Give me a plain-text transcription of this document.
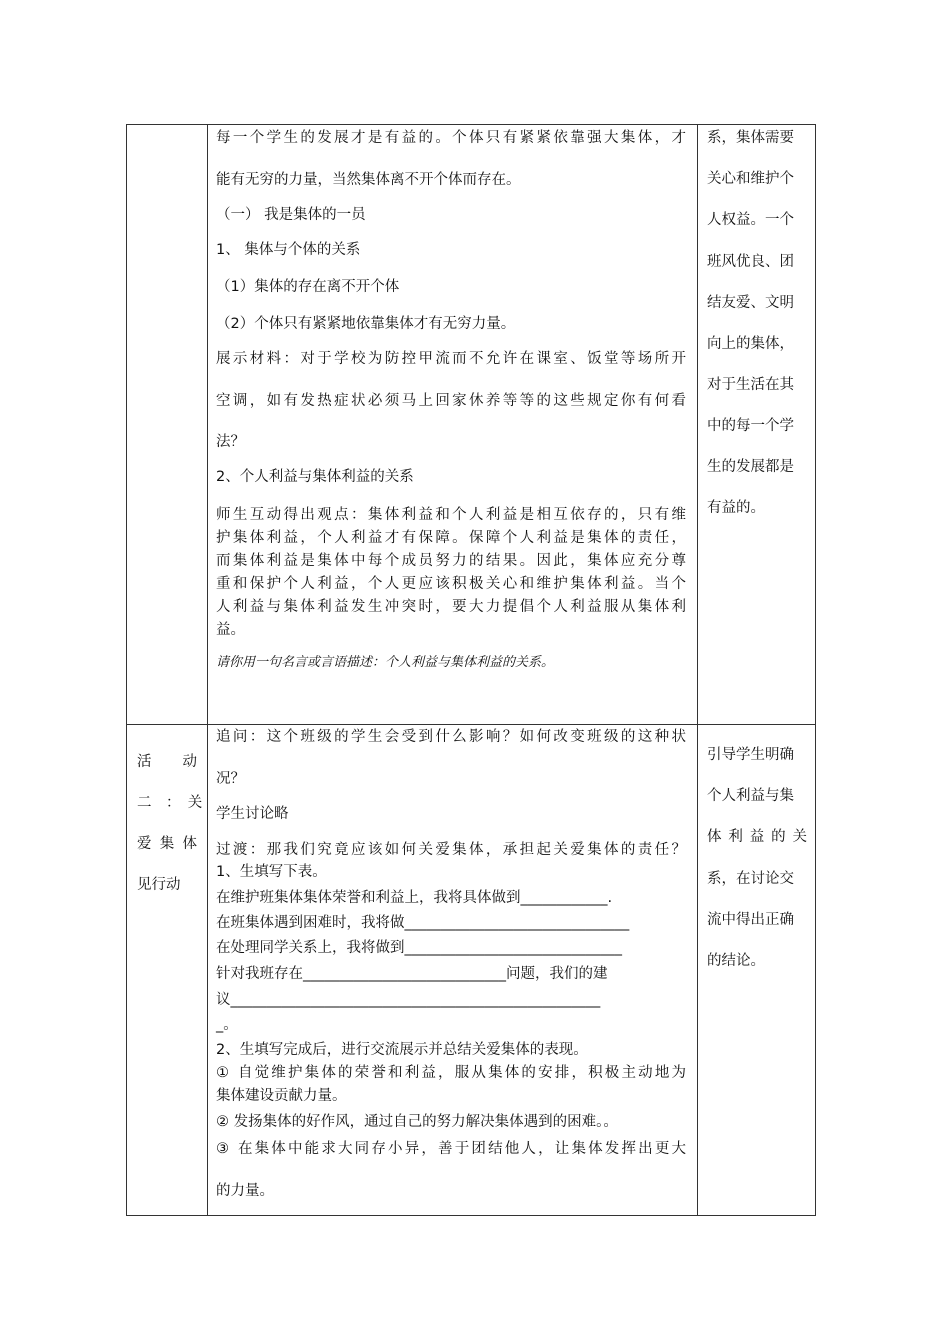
每一个学生的发展才是有益的。个体只有紧紧依靠强大集体，才
能有无穷的力量，当然集体离不开个体而存在。
（一） 我是集体的一员
1、 集体与个体的关系
（1）集体的存在离不开个体
（2）个体只有紧紧地依靠集体才有无穷力量。
展示材料：对于学校为防控甲流而不允许在课室、饭堂等场所开
空调，如有发热症状必须马上回家休养等等的这些规定你有何看
法？
2、个人利益与集体利益的关系
师生互动得出观点：集体利益和个人利益是相互依存的，只有维
护集体利益，个人利益才有保障。保障个人利益是集体的责任，
而集体利益是集体中每个成员努力的结果。因此，集体应充分尊
重和保护个人利益，个人更应该积极关心和维护集体利益。当个
人利益与集体利益发生冲突时，要大力提倡个人利益服从集体利
益。
请你用一句名言或言语描述：个人利益与集体利益的关系。
系，集体需要
关心和维护个
人权益。一个
班风优良、团
结友爱、文明
向上的集体，
对于生活在其
中的每一个学
生的发展都是
有益的。
活　　动
二　：　关
爱 集 体
见行动
追问：这个班级的学生会受到什么影响？如何改变班级的这种状
况？
学生讨论略
过渡：那我们究竟应该如何关爱集体，承担起关爱集体的责任？
1、生填写下表。
在维护班集体集体荣誉和利益上，我将具体做到____________.
在班集体遇到困难时，我将做_______________________________
在处理同学关系上，我将做到______________________________
针对我班存在____________________________问题，我们的建
议___________________________________________________
_。
2、生填写完成后，进行交流展示并总结关爱集体的表现。
① 自觉维护集体的荣誉和利益，服从集体的安排，积极主动地为
集体建设贡献力量。
② 发扬集体的好作风，通过自己的努力解决集体遇到的困难。。
③ 在集体中能求大同存小异，善于团结他人，让集体发挥出更大
的力量。
引导学生明确
个人利益与集
体 利 益 的 关
系，在讨论交
流中得出正确
的结论。
